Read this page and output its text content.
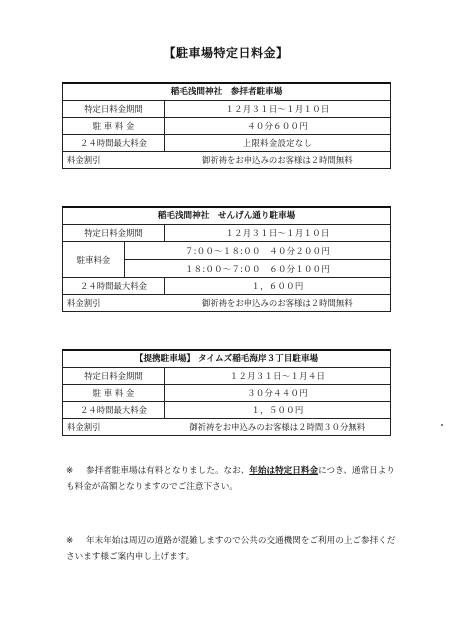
【駐車場特定日料金】
稲毛浅間神社　参拝者駐車場	
特定日料金期間	１２月３１日～１月１０日
駐 車 料 金	４０分６００円
２４時間最大料金	上限料金設定なし
料金割引	御祈祷をお申込みのお客様は２時間無料
稲毛浅間神社　せんげん通り駐車場		
特定日料金期間		１２月３１日～１月１０日
駐車料金	７:００～１８:００　４０分２００円	
	１８:００～７:００　６０分１００円	
２４時間最大料金		１，６００円
料金割引		御祈祷をお申込みのお客様は２時間無料
【提携駐車場】 タイムズ稲毛海岸３丁目駐車場	
特定日料金期間	１２月３１日～１月４日
駐 車 料 金	３０分４４０円
２４時間最大料金	１，５００円
料金割引	御祈祷をお申込みのお客様は２時間３０分無料
※ 参拝者駐車場は有料となりました。なお、年始は特定日料金につき、通常日よりも料金が高額となりますのでご注意下さい。
※ 年末年始は周辺の道路が混雑しますので公共の交通機関をご利用の上ご参拝くださいます様ご案内申し上げます。
